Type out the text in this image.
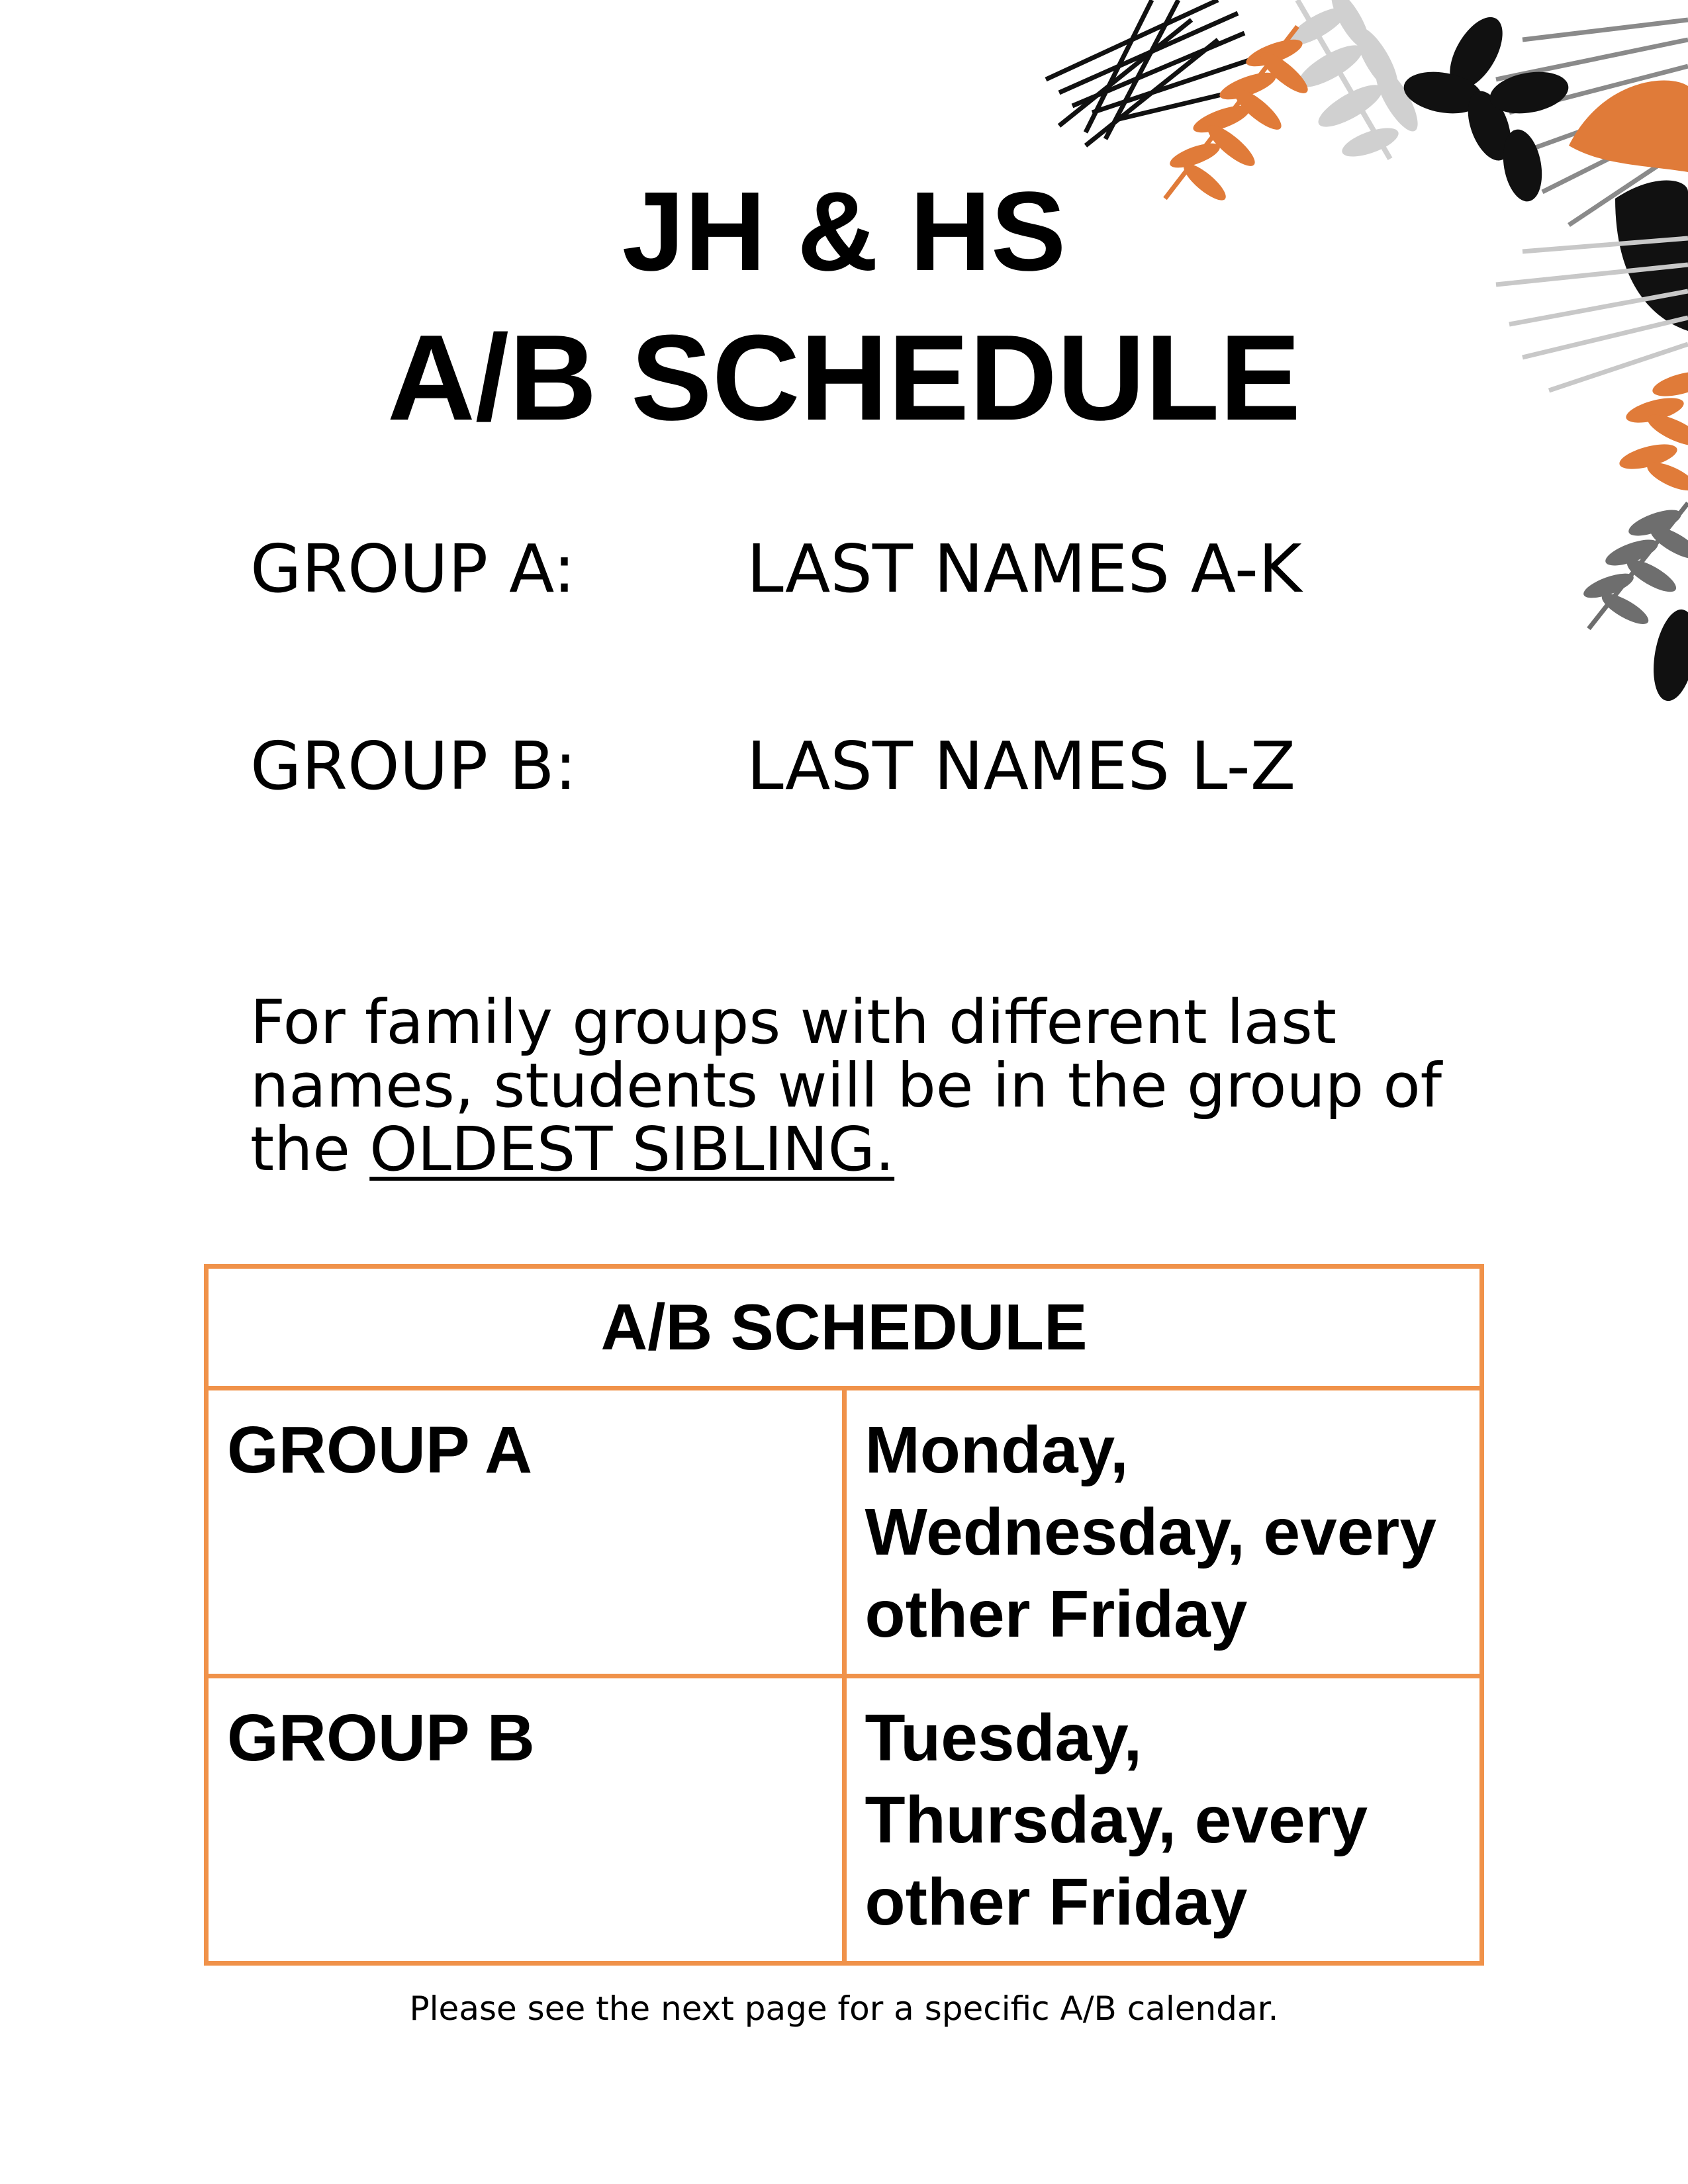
JH & HS
A/B SCHEDULE
GROUP A:	LAST NAMES A-K
GROUP B:	LAST NAMES L-Z

For family groups with different last names, students will be in the group of the OLDEST SIBLING.

A/B SCHEDULE	
GROUP A	Monday, Wednesday, every other Friday
GROUP B	Tuesday, Thursday, every other Friday
Please see the next page for a specific A/B calendar.
